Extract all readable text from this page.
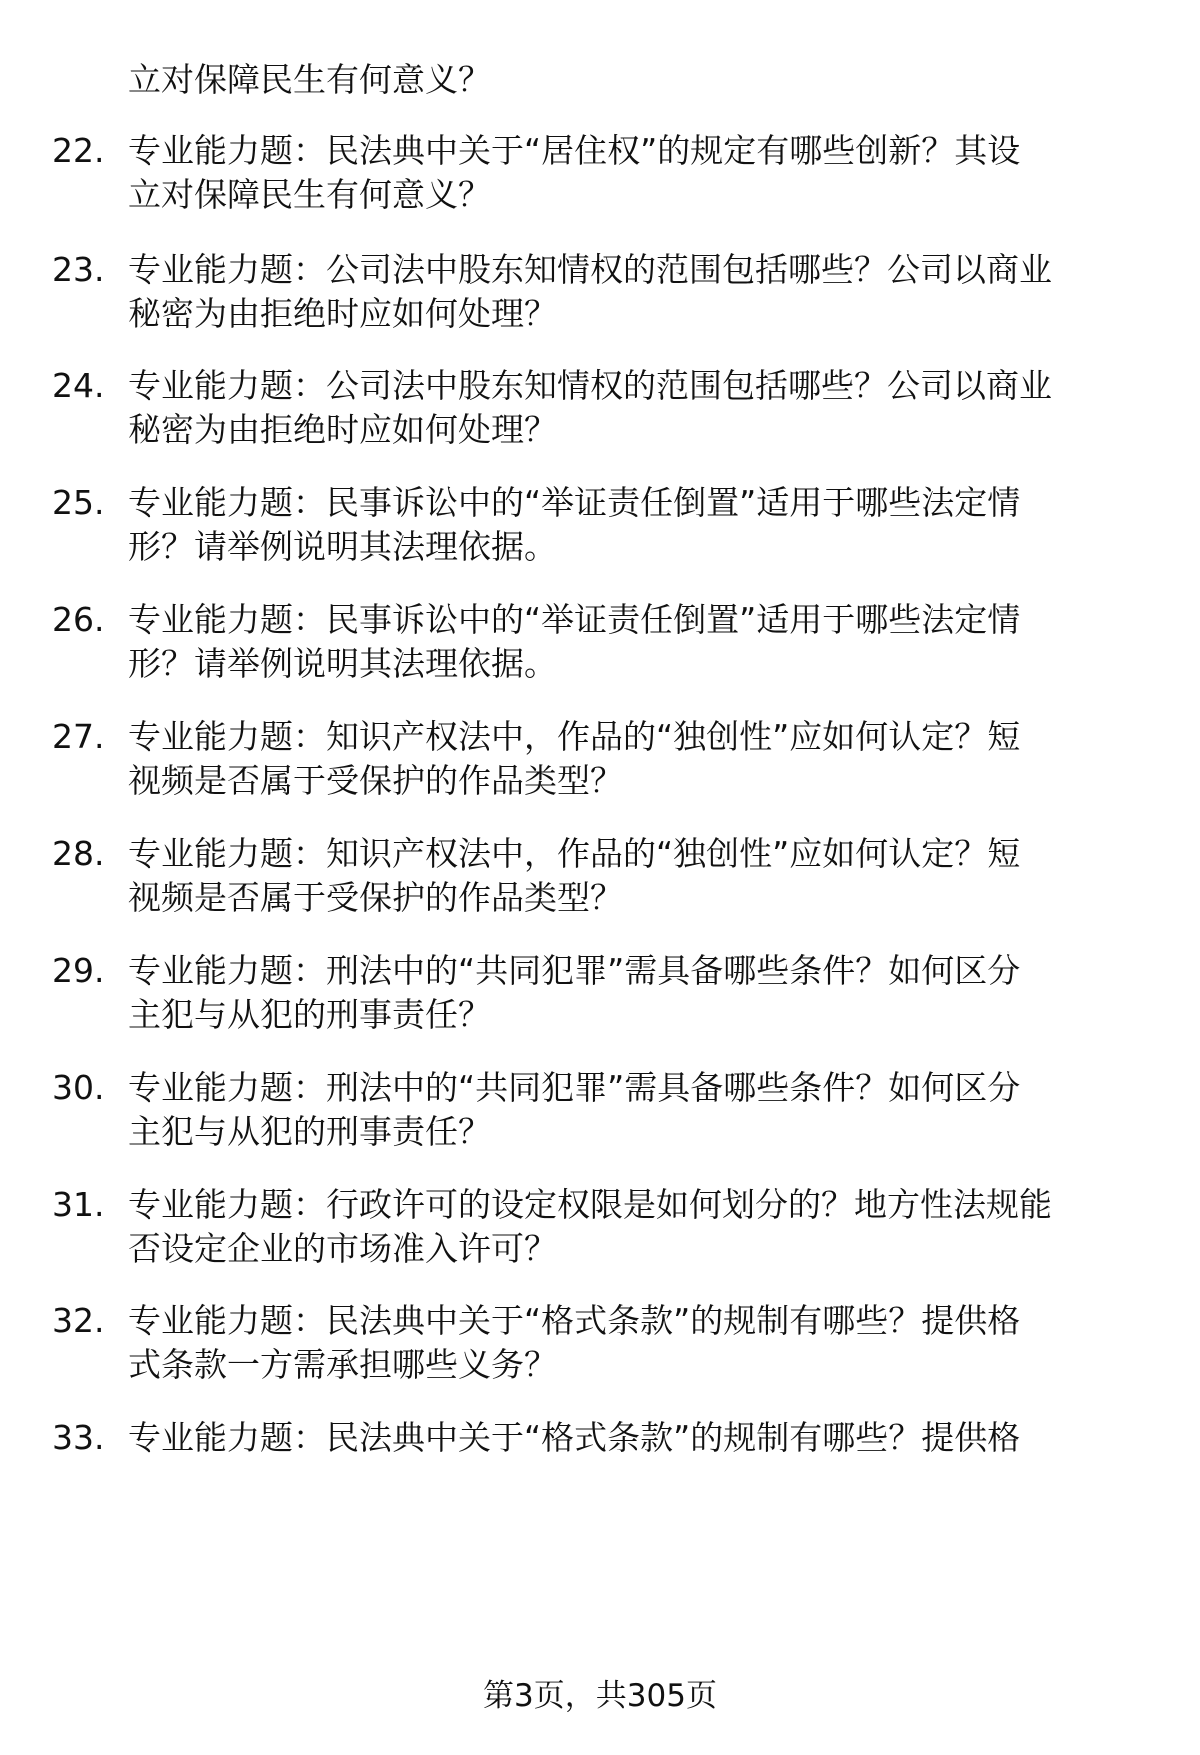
立对保障民生有何意义？
22. 专业能力题：民法典中关于“居住权”的规定有哪些创新？其设
立对保障民生有何意义？
23. 专业能力题：公司法中股东知情权的范围包括哪些？公司以商业
秘密为由拒绝时应如何处理？
24. 专业能力题：公司法中股东知情权的范围包括哪些？公司以商业
秘密为由拒绝时应如何处理？
25. 专业能力题：民事诉讼中的“举证责任倒置”适用于哪些法定情
形？请举例说明其法理依据。
26. 专业能力题：民事诉讼中的“举证责任倒置”适用于哪些法定情
形？请举例说明其法理依据。
27. 专业能力题：知识产权法中，作品的“独创性”应如何认定？短
视频是否属于受保护的作品类型？
28. 专业能力题：知识产权法中，作品的“独创性”应如何认定？短
视频是否属于受保护的作品类型？
29. 专业能力题：刑法中的“共同犯罪”需具备哪些条件？如何区分
主犯与从犯的刑事责任？
30. 专业能力题：刑法中的“共同犯罪”需具备哪些条件？如何区分
主犯与从犯的刑事责任？
31. 专业能力题：行政许可的设定权限是如何划分的？地方性法规能
否设定企业的市场准入许可？
32. 专业能力题：民法典中关于“格式条款”的规制有哪些？提供格
式条款一方需承担哪些义务？
33. 专业能力题：民法典中关于“格式条款”的规制有哪些？提供格
第3页，共305页
